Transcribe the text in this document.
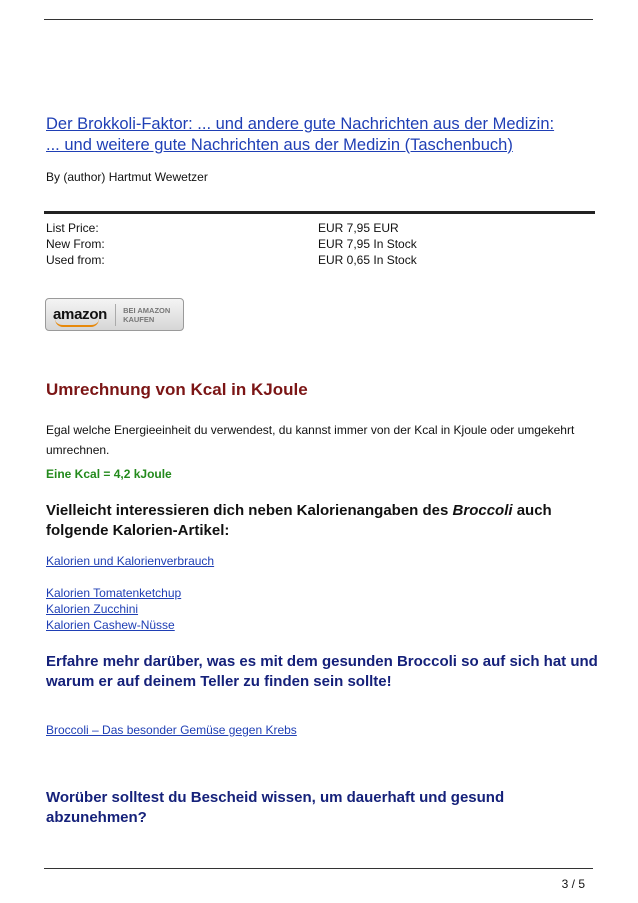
Der Brokkoli-Faktor: ... und andere gute Nachrichten aus der Medizin:
... und weitere gute Nachrichten aus der Medizin (Taschenbuch)
By (author) Hartmut Wewetzer
List Price:	EUR 7,95 EUR
New From:	EUR 7,95 In Stock
Used from:	EUR 0,65 In Stock
amazon BEI AMAZON
KAUFEN
Umrechnung von Kcal in KJoule
Egal welche Energieeinheit du verwendest, du kannst immer von der Kcal in Kjoule oder umgekehrt umrechnen.
Eine Kcal = 4,2 kJoule
Vielleicht interessieren dich neben Kalorienangaben des Broccoli auch folgende Kalorien-Artikel:
Kalorien und Kalorienverbrauch
Kalorien Tomatenketchup
Kalorien Zucchini
Kalorien Cashew-Nüsse
Erfahre mehr darüber, was es mit dem gesunden Broccoli so auf sich hat und warum er auf deinem Teller zu finden sein sollte!
Broccoli – Das besonder Gemüse gegen Krebs
Worüber solltest du Bescheid wissen, um dauerhaft und gesund abzunehmen?
3 / 5
